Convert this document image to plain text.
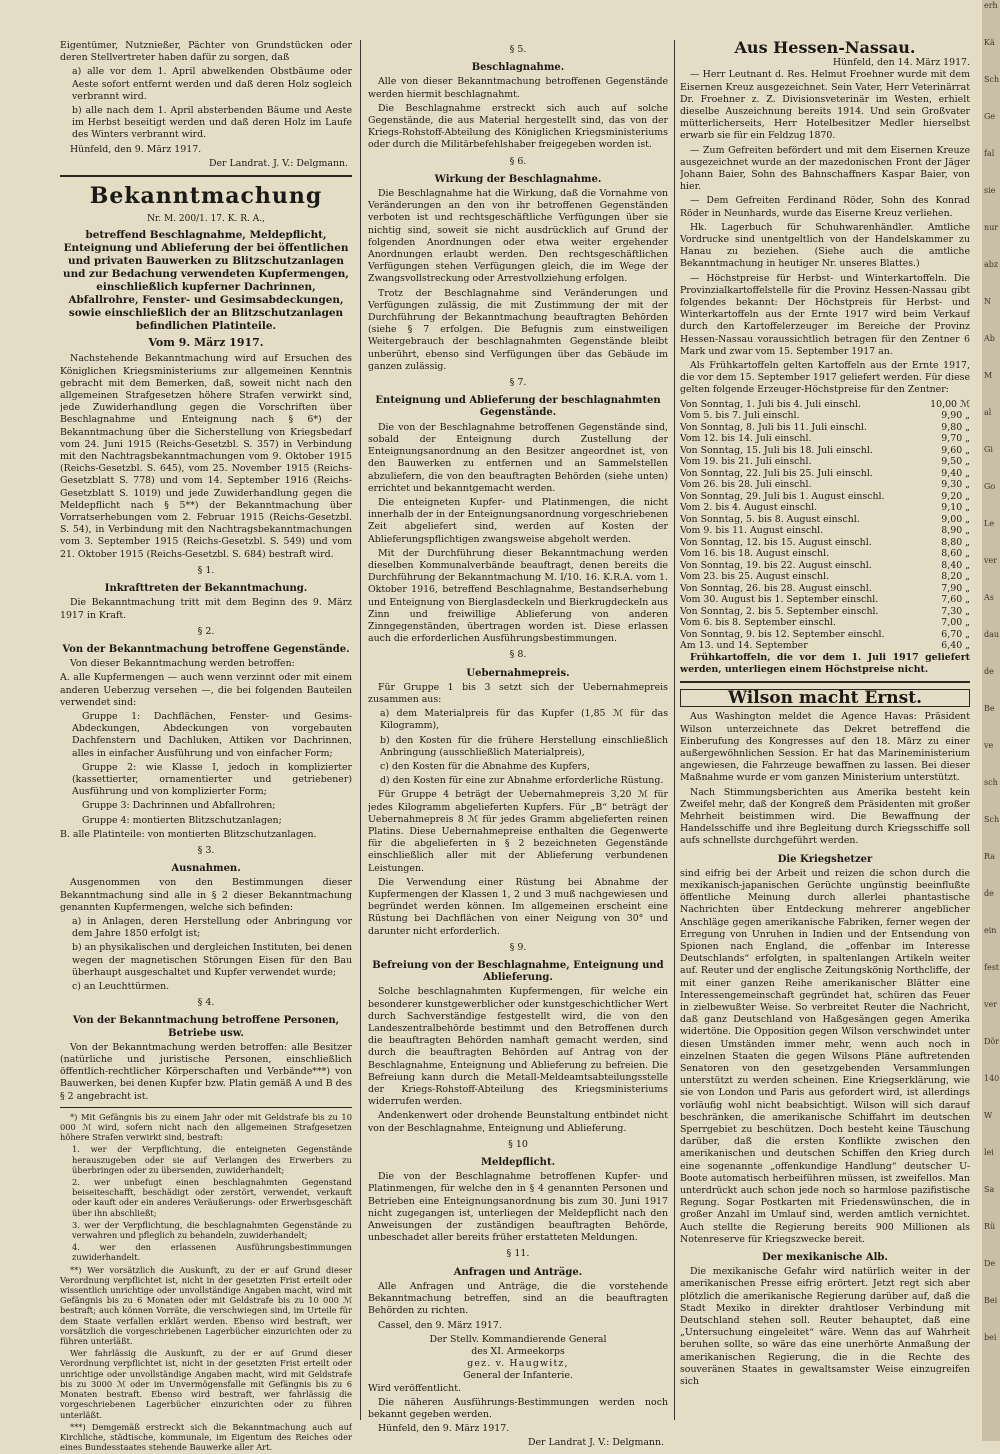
Eigentümer, Nutznießer, Pächter von Grundstücken oder deren Stellvertreter haben dafür zu sorgen, daß

a) alle vor dem 1. April abwelkenden Obstbäume oder Aeste sofort entfernt werden und daß deren Holz sogleich verbrannt wird.

b) alle nach dem 1. April absterbenden Bäume und Aeste im Herbst beseitigt werden und daß deren Holz im Laufe des Winters verbrannt wird.

Hünfeld, den 9. März 1917.

Der Landrat. J. V.: Delgmann.
Bekanntmachung
Nr. M. 200/1. 17. K. R. A.,
betreffend Beschlagnahme, Meldepflicht, Enteignung und Ablieferung der bei öffentlichen und privaten Bauwerken zu Blitzschutzanlagen und zur Bedachung verwendeten Kupfermengen, einschließlich kupferner Dachrinnen, Abfallrohre, Fenster- und Gesimsabdeckungen, sowie einschließlich der an Blitzschutzanlagen befindlichen Platinteile.
Vom 9. März 1917.

Nachstehende Bekanntmachung wird auf Ersuchen des Königlichen Kriegsministeriums zur allgemeinen Kenntnis gebracht mit dem Bemerken, daß, soweit nicht nach den allgemeinen Strafgesetzen höhere Strafen verwirkt sind, jede Zuwiderhandlung gegen die Vorschriften über Beschlagnahme und Enteignung nach § 6*) der Bekanntmachung über die Sicherstellung von Kriegsbedarf vom 24. Juni 1915 (Reichs-Gesetzbl. S. 357) in Verbindung mit den Nachtragsbekanntmachungen vom 9. Oktober 1915 (Reichs-Gesetzbl. S. 645), vom 25. November 1915 (Reichs-Gesetzblatt S. 778) und vom 14. September 1916 (Reichs-Gesetzblatt S. 1019) und jede Zuwiderhandlung gegen die Meldepflicht nach § 5**) der Bekanntmachung über Vorratserhebungen vom 2. Februar 1915 (Reichs-Gesetzbl. S. 54), in Verbindung mit den Nachtragsbekanntmachungen vom 3. September 1915 (Reichs-Gesetzbl. S. 549) und vom 21. Oktober 1915 (Reichs-Gesetzbl. S. 684) bestraft wird.

§ 1.
Inkrafttreten der Bekanntmachung.

Die Bekanntmachung tritt mit dem Beginn des 9. März 1917 in Kraft.

§ 2.
Von der Bekanntmachung betroffene Gegenstände.

Von dieser Bekanntmachung werden betroffen:

A. alle Kupfermengen — auch wenn verzinnt oder mit einem anderen Ueberzug versehen —, die bei folgenden Bauteilen verwendet sind:

Gruppe 1: Dachflächen, Fenster- und Gesims-Abdeckungen, Abdeckungen von vorgebauten Dachfenstern und Dachluken, Attiken vor Dachrinnen, alles in einfacher Ausführung und von einfacher Form;

Gruppe 2: wie Klasse I, jedoch in komplizierter (kassettierter, ornamentierter und getriebener) Ausführung und von komplizierter Form;

Gruppe 3: Dachrinnen und Abfallrohren;

Gruppe 4: montierten Blitzschutzanlagen;

B. alle Platinteile: von montierten Blitzschutzanlagen.

§ 3.
Ausnahmen.

Ausgenommen von den Bestimmungen dieser Bekanntmachung sind alle in § 2 dieser Bekanntmachung genannten Kupfermengen, welche sich befinden:

a) in Anlagen, deren Herstellung oder Anbringung vor dem Jahre 1850 erfolgt ist;

b) an physikalischen und dergleichen Instituten, bei denen wegen der magnetischen Störungen Eisen für den Bau überhaupt ausgeschaltet und Kupfer verwendet wurde;

c) an Leuchttürmen.

§ 4.
Von der Bekanntmachung betroffene Personen, Betriebe usw.

Von der Bekanntmachung werden betroffen: alle Besitzer (natürliche und juristische Personen, einschließlich öffentlich-rechtlicher Körperschaften und Verbände***) von Bauwerken, bei denen Kupfer bzw. Platin gemäß A und B des § 2 angebracht ist.

*) Mit Gefängnis bis zu einem Jahr oder mit Geldstrafe bis zu 10 000 ℳ wird, sofern nicht nach den allgemeinen Strafgesetzen höhere Strafen verwirkt sind, bestraft:

1. wer der Verpflichtung, die enteigneten Gegenstände herauszugeben oder sie auf Verlangen des Erwerbers zu überbringen oder zu übersenden, zuwiderhandelt;

2. wer unbefugt einen beschlagnahmten Gegenstand beiseiteschafft, beschädigt oder zerstört, verwendet, verkauft oder kauft oder ein anderes Veräußerungs- oder Erwerbsgeschäft über ihn abschließt;

3. wer der Verpflichtung, die beschlagnahmten Gegenstände zu verwahren und pfleglich zu behandeln, zuwiderhandelt;

4. wer den erlassenen Ausführungsbestimmungen zuwiderhandelt.

**) Wer vorsätzlich die Auskunft, zu der er auf Grund dieser Verordnung verpflichtet ist, nicht in der gesetzten Frist erteilt oder wissentlich unrichtige oder unvollständige Angaben macht, wird mit Gefängnis bis zu 6 Monaten oder mit Geldstrafe bis zu 10 000 ℳ bestraft; auch können Vorräte, die verschwiegen sind, im Urteile für dem Staate verfallen erklärt werden. Ebenso wird bestraft, wer vorsätzlich die vorgeschriebenen Lagerbücher einzurichten oder zu führen unterläßt.

Wer fahrlässig die Auskunft, zu der er auf Grund dieser Verordnung verpflichtet ist, nicht in der gesetzten Frist erteilt oder unrichtige oder unvollständige Angaben macht, wird mit Geldstrafe bis zu 3000 ℳ oder im Unvermögensfalle mit Gefängnis bis zu 6 Monaten bestraft. Ebenso wird bestraft, wer fahrlässig die vorgeschriebenen Lagerbücher einzurichten oder zu führen unterläßt.

***) Demgemäß erstreckt sich die Bekanntmachung auch auf Kirchliche, städtische, kommunale, im Eigentum des Reiches oder eines Bundesstaates stehende Bauwerke aller Art.

§ 5.
Beschlagnahme.

Alle von dieser Bekanntmachung betroffenen Gegenstände werden hiermit beschlagnahmt.

Die Beschlagnahme erstreckt sich auch auf solche Gegenstände, die aus Material hergestellt sind, das von der Kriegs-Rohstoff-Abteilung des Königlichen Kriegsministeriums oder durch die Militärbefehlshaber freigegeben worden ist.

§ 6.
Wirkung der Beschlagnahme.

Die Beschlagnahme hat die Wirkung, daß die Vornahme von Veränderungen an den von ihr betroffenen Gegenständen verboten ist und rechtsgeschäftliche Verfügungen über sie nichtig sind, soweit sie nicht ausdrücklich auf Grund der folgenden Anordnungen oder etwa weiter ergehender Anordnungen erlaubt werden. Den rechtsgeschäftlichen Verfügungen stehen Verfügungen gleich, die im Wege der Zwangsvollstreckung oder Arrestvollziehung erfolgen.

Trotz der Beschlagnahme sind Veränderungen und Verfügungen zulässig, die mit Zustimmung der mit der Durchführung der Bekanntmachung beauftragten Behörden (siehe § 7 erfolgen. Die Befugnis zum einstweiligen Weitergebrauch der beschlagnahmten Gegenstände bleibt unberührt, ebenso sind Verfügungen über das Gebäude im ganzen zulässig.

§ 7.
Enteignung und Ablieferung der beschlagnahmten Gegenstände.

Die von der Beschlagnahme betroffenen Gegenstände sind, sobald der Enteignung durch Zustellung der Enteignungsanordnung an den Besitzer angeordnet ist, von den Bauwerken zu entfernen und an Sammelstellen abzuliefern, die von den beauftragten Behörden (siehe unten) errichtet und bekanntgemacht werden.

Die enteigneten Kupfer- und Platinmengen, die nicht innerhalb der in der Enteignungsanordnung vorgeschriebenen Zeit abgeliefert sind, werden auf Kosten der Ablieferungspflichtigen zwangsweise abgeholt werden.

Mit der Durchführung dieser Bekanntmachung werden dieselben Kommunalverbände beauftragt, denen bereits die Durchführung der Bekanntmachung M. I/10. 16. K.R.A. vom 1. Oktober 1916, betreffend Beschlagnahme, Bestandserhebung und Enteignung von Bierglasdeckeln und Bierkrugdeckeln aus Zinn und freiwillige Ablieferung von anderen Zinngegenständen, übertragen worden ist. Diese erlassen auch die erforderlichen Ausführungsbestimmungen.

§ 8.
Uebernahmepreis.

Für Gruppe 1 bis 3 setzt sich der Uebernahmepreis zusammen aus:

a) dem Materialpreis für das Kupfer (1,85 ℳ für das Kilogramm),

b) den Kosten für die frühere Herstellung einschließlich Anbringung (ausschließlich Materialpreis),

c) den Kosten für die Abnahme des Kupfers,

d) den Kosten für eine zur Abnahme erforderliche Rüstung.

Für Gruppe 4 beträgt der Uebernahmepreis 3,20 ℳ für jedes Kilogramm abgelieferten Kupfers. Für „B“ beträgt der Uebernahmepreis 8 ℳ für jedes Gramm abgelieferten reinen Platins. Diese Uebernahmepreise enthalten die Gegenwerte für die abgelieferten in § 2 bezeichneten Gegenstände einschließlich aller mit der Ablieferung verbundenen Leistungen.

Die Verwendung einer Rüstung bei Abnahme der Kupfermengen der Klassen 1, 2 und 3 muß nachgewiesen und begründet werden können. Im allgemeinen erscheint eine Rüstung bei Dachflächen von einer Neigung von 30° und darunter nicht erforderlich.

§ 9.
Befreiung von der Beschlagnahme, Enteignung und Ablieferung.

Solche beschlagnahmten Kupfermengen, für welche ein besonderer kunstgewerblicher oder kunstgeschichtlicher Wert durch Sachverständige festgestellt wird, die von den Landeszentralbehörde bestimmt und den Betroffenen durch die beauftragten Behörden namhaft gemacht werden, sind durch die beauftragten Behörden auf Antrag von der Beschlagnahme, Enteignung und Ablieferung zu befreien. Die Befreiung kann durch die Metall-Meldeamtsabteilungsstelle der Kriegs-Rohstoff-Abteilung des Kriegsministeriums widerrufen werden.

Andenkenwert oder drohende Beunstaltung entbindet nicht von der Beschlagnahme, Enteignung und Ablieferung.

§ 10
Meldepflicht.

Die von der Beschlagnahme betroffenen Kupfer- und Platinmengen, für welche den in § 4 genannten Personen und Betrieben eine Enteignungsanordnung bis zum 30. Juni 1917 nicht zugegangen ist, unterliegen der Meldepflicht nach den Anweisungen der zuständigen beauftragten Behörde, unbeschadet aller bereits früher erstatteten Meldungen.

§ 11.
Anfragen und Anträge.

Alle Anfragen und Anträge, die die vorstehende Bekanntmachung betreffen, sind an die beauftragten Behörden zu richten.

Cassel, den 9. März 1917.

Der Stellv. Kommandierende General
des XI. Armeekorps
gez. v. Haugwitz,
General der Infanterie.

Wird veröffentlicht.

Die näheren Ausführungs-Bestimmungen werden noch bekannt gegeben werden.

Hünfeld, den 9. März 1917.

Der Landrat J. V.: Delgmann.
Aus Hessen-Nassau.
Hünfeld, den 14. März 1917.

— Herr Leutnant d. Res. Helmut Froehner wurde mit dem Eisernen Kreuz ausgezeichnet. Sein Vater, Herr Veterinärrat Dr. Froehner z. Z. Divisionsveterinär im Westen, erhielt dieselbe Auszeichnung bereits 1914. Und sein Großvater mütterlicherseits, Herr Hotelbesitzer Medler hierselbst erwarb sie für ein Feldzug 1870.

— Zum Gefreiten befördert und mit dem Eisernen Kreuze ausgezeichnet wurde an der mazedonischen Front der Jäger Johann Baier, Sohn des Bahnschaffners Kaspar Baier, von hier.

— Dem Gefreiten Ferdinand Röder, Sohn des Konrad Röder in Neunhards, wurde das Eiserne Kreuz verliehen.

Hk. Lagerbuch für Schuhwarenhändler. Amtliche Vordrucke sind unentgeltlich von der Handelskammer zu Hanau zu beziehen. (Siehe auch die amtliche Bekanntmachung in heutiger Nr. unseres Blattes.)

— Höchstpreise für Herbst- und Winterkartoffeln. Die Provinzialkartoffelstelle für die Provinz Hessen-Nassau gibt folgendes bekannt: Der Höchstpreis für Herbst- und Winterkartoffeln aus der Ernte 1917 wird beim Verkauf durch den Kartoffelerzeuger im Bereiche der Provinz Hessen-Nassau voraussichtlich betragen für den Zentner 6 Mark und zwar vom 15. September 1917 an.

Als Frühkartoffeln gelten Kartoffeln aus der Ernte 1917, die vor dem 15. September 1917 geliefert werden. Für diese gelten folgende Erzeuger-Höchstpreise für den Zentner:

Von Sonntag, 1. Juli bis 4. Juli einschl.	10,00 ℳ
Vom 5. bis 7. Juli einschl.	9,90 „
Von Sonntag, 8. Juli bis 11. Juli einschl.	9,80 „
Vom 12. bis 14. Juli einschl.	9,70 „
Von Sonntag, 15. Juli bis 18. Juli einschl.	9,60 „
Vom 19. bis 21. Juli einschl.	9,50 „
Von Sonntag, 22. Juli bis 25. Juli einschl.	9,40 „
Vom 26. bis 28. Juli einschl.	9,30 „
Von Sonntag, 29. Juli bis 1. August einschl.	9,20 „
Vom 2. bis 4. August einschl.	9,10 „
Von Sonntag, 5. bis 8. August einschl.	9,00 „
Vom 9. bis 11. August einschl.	8,90 „
Von Sonntag, 12. bis 15. August einschl.	8,80 „
Vom 16. bis 18. August einschl.	8,60 „
Von Sonntag, 19. bis 22. August einschl.	8,40 „
Vom 23. bis 25. August einschl.	8,20 „
Von Sonntag, 26. bis 28. August einschl.	7,90 „
Vom 30. August bis 1. September einschl.	7,60 „
Von Sonntag, 2. bis 5. September einschl.	7,30 „
Vom 6. bis 8. September einschl.	7,00 „
Von Sonntag, 9. bis 12. September einschl.	6,70 „
Am 13. und 14. September	6,40 „

Frühkartoffeln, die vor dem 1. Juli 1917 geliefert werden, unterliegen einem Höchstpreise nicht.

Wilson macht Ernst.

Aus Washington meldet die Agence Havas: Präsident Wilson unterzeichnete das Dekret betreffend die Einberufung des Kongresses auf den 18. März zu einer außergewöhnlichen Session. Er hat das Marineministerium angewiesen, die Fahrzeuge bewaffnen zu lassen. Bei dieser Maßnahme wurde er vom ganzen Ministerium unterstützt.

Nach Stimmungsberichten aus Amerika besteht kein Zweifel mehr, daß der Kongreß dem Präsidenten mit großer Mehrheit beistimmen wird. Die Bewaffnung der Handelsschiffe und ihre Begleitung durch Kriegsschiffe soll aufs schnellste durchgeführt werden.

Die Kriegshetzer

sind eifrig bei der Arbeit und reizen die schon durch die mexikanisch-japanischen Gerüchte ungünstig beeinflußte öffentliche Meinung durch allerlei phantastische Nachrichten über Entdeckung mehrerer angeblicher Anschläge gegen amerikanische Fabriken, ferner wegen der Erregung von Unruhen in Indien und der Entsendung von Spionen nach England, die „offenbar im Interesse Deutschlands“ erfolgten, in spaltenlangen Artikeln weiter auf. Reuter und der englische Zeitungskönig Northcliffe, der mit einer ganzen Reihe amerikanischer Blätter eine Interessengemeinschaft gegründet hat, schüren das Feuer in zielbewußter Weise. So verbreitet Reuter die Nachricht, daß ganz Deutschland von Haßgesängen gegen Amerika widertöne. Die Opposition gegen Wilson verschwindet unter diesen Umständen immer mehr, wenn auch noch in einzelnen Staaten die gegen Wilsons Pläne auftretenden Senatoren von den gesetzgebenden Versammlungen unterstützt zu werden scheinen. Eine Kriegserklärung, wie sie von London und Paris aus gefordert wird, ist allerdings vorläufig wohl nicht beabsichtigt. Wilson will sich darauf beschränken, die amerikanische Schiffahrt im deutschen Sperrgebiet zu beschützen. Doch besteht keine Täuschung darüber, daß die ersten Konflikte zwischen den amerikanischen und deutschen Schiffen den Krieg durch eine sogenannte „offenkundige Handlung“ deutscher U-Boote automatisch herbeiführen müssen, ist zweifellos. Man unterdrückt auch schon jede noch so harmlose pazifistische Regung. Sogar Postkarten mit Friedenswünschen, die in großer Anzahl im Umlauf sind, werden amtlich vernichtet. Auch stellte die Regierung bereits 900 Millionen als Notenreserve für Kriegszwecke bereit.

Der mexikanische Alb.

Die mexikanische Gefahr wird natürlich weiter in der amerikanischen Presse eifrig erörtert. Jetzt regt sich aber plötzlich die amerikanische Regierung darüber auf, daß die Stadt Mexiko in direkter drahtloser Verbindung mit Deutschland stehen soll. Reuter behauptet, daß eine „Untersuchung eingeleitet“ wäre. Wenn das auf Wahrheit beruhen sollte, so wäre das eine unerhörte Anmaßung der amerikanischen Regierung, die in die Rechte des souveränen Staates in gewaltsamster Weise einzugreifen sich

erh
Kä
Sch
Ge
fal
sie
nur
abz
N
Ab
M
al
Gi
Go
Le
ver
As
dau
de
Be
ve
sch
Sch
Ra
de
ein
fest
ver
Dör
140
W
lei
Sa
Rü
De
Bei
bei
